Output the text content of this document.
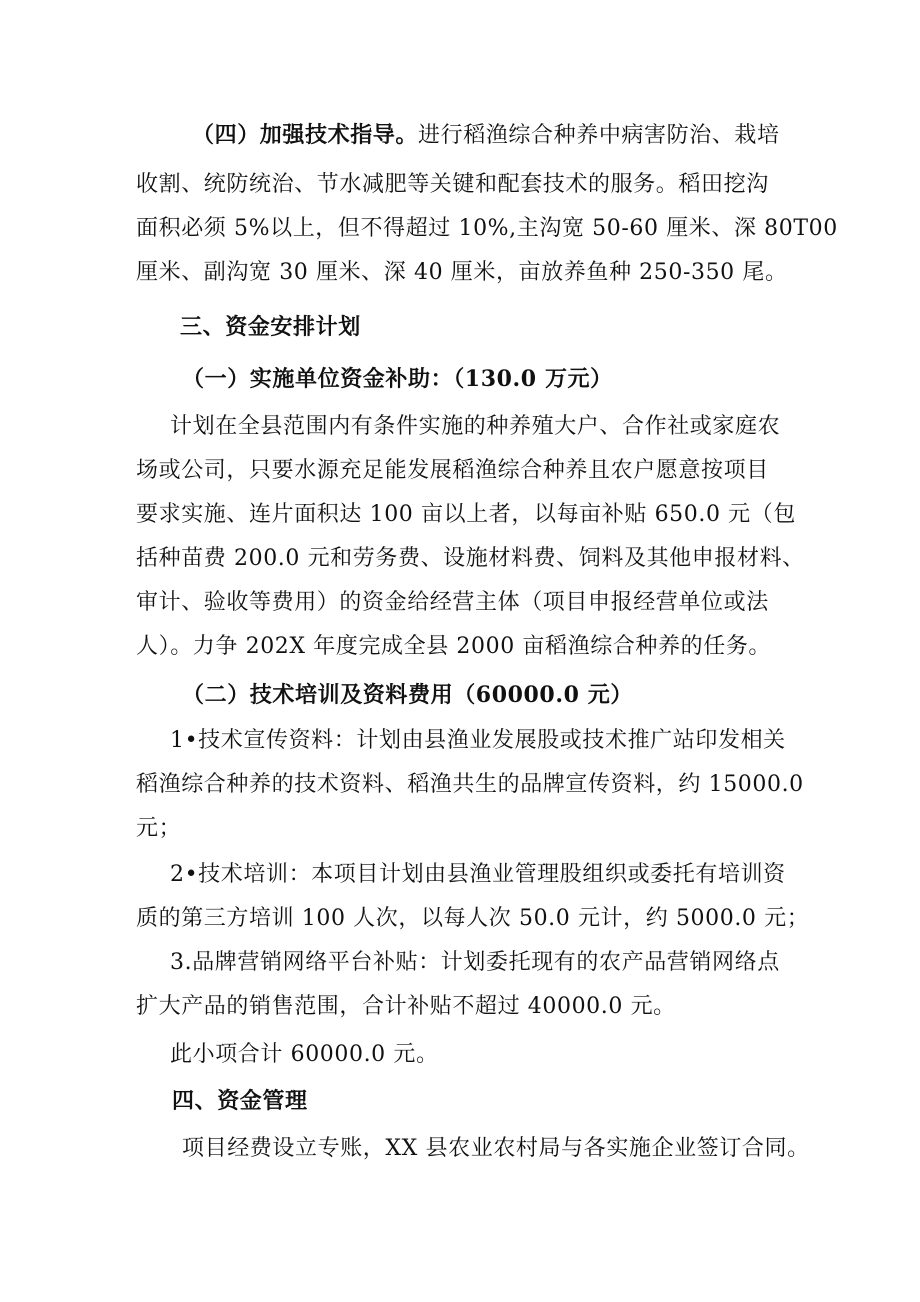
（四）加强技术指导。进行稻渔综合种养中病害防治、栽培
收割、统防统治、节水减肥等关键和配套技术的服务。稻田挖沟
面积必须 5%以上，但不得超过 10%,主沟宽 50-60 厘米、深 80T00
厘米、副沟宽 30 厘米、深 40 厘米，亩放养鱼种 250-350 尾。
三、资金安排计划
（一）实施单位资金补助：（130.0 万元）
计划在全县范围内有条件实施的种养殖大户、合作社或家庭农
场或公司，只要水源充足能发展稻渔综合种养且农户愿意按项目
要求实施、连片面积达 100 亩以上者，以每亩补贴 650.0 元（包
括种苗费 200.0 元和劳务费、设施材料费、饲料及其他申报材料、
审计、验收等费用）的资金给经营主体（项目申报经营单位或法
人）。力争 202X 年度完成全县 2000 亩稻渔综合种养的任务。
（二）技术培训及资料费用（60000.0 元）
1•技术宣传资料：计划由县渔业发展股或技术推广站印发相关
稻渔综合种养的技术资料、稻渔共生的品牌宣传资料，约 15000.0
元；
2•技术培训：本项目计划由县渔业管理股组织或委托有培训资
质的第三方培训 100 人次，以每人次 50.0 元计，约 5000.0 元；
3.品牌营销网络平台补贴：计划委托现有的农产品营销网络点
扩大产品的销售范围，合计补贴不超过 40000.0 元。
此小项合计 60000.0 元。
四、资金管理
项目经费设立专账，XX 县农业农村局与各实施企业签订合同。
